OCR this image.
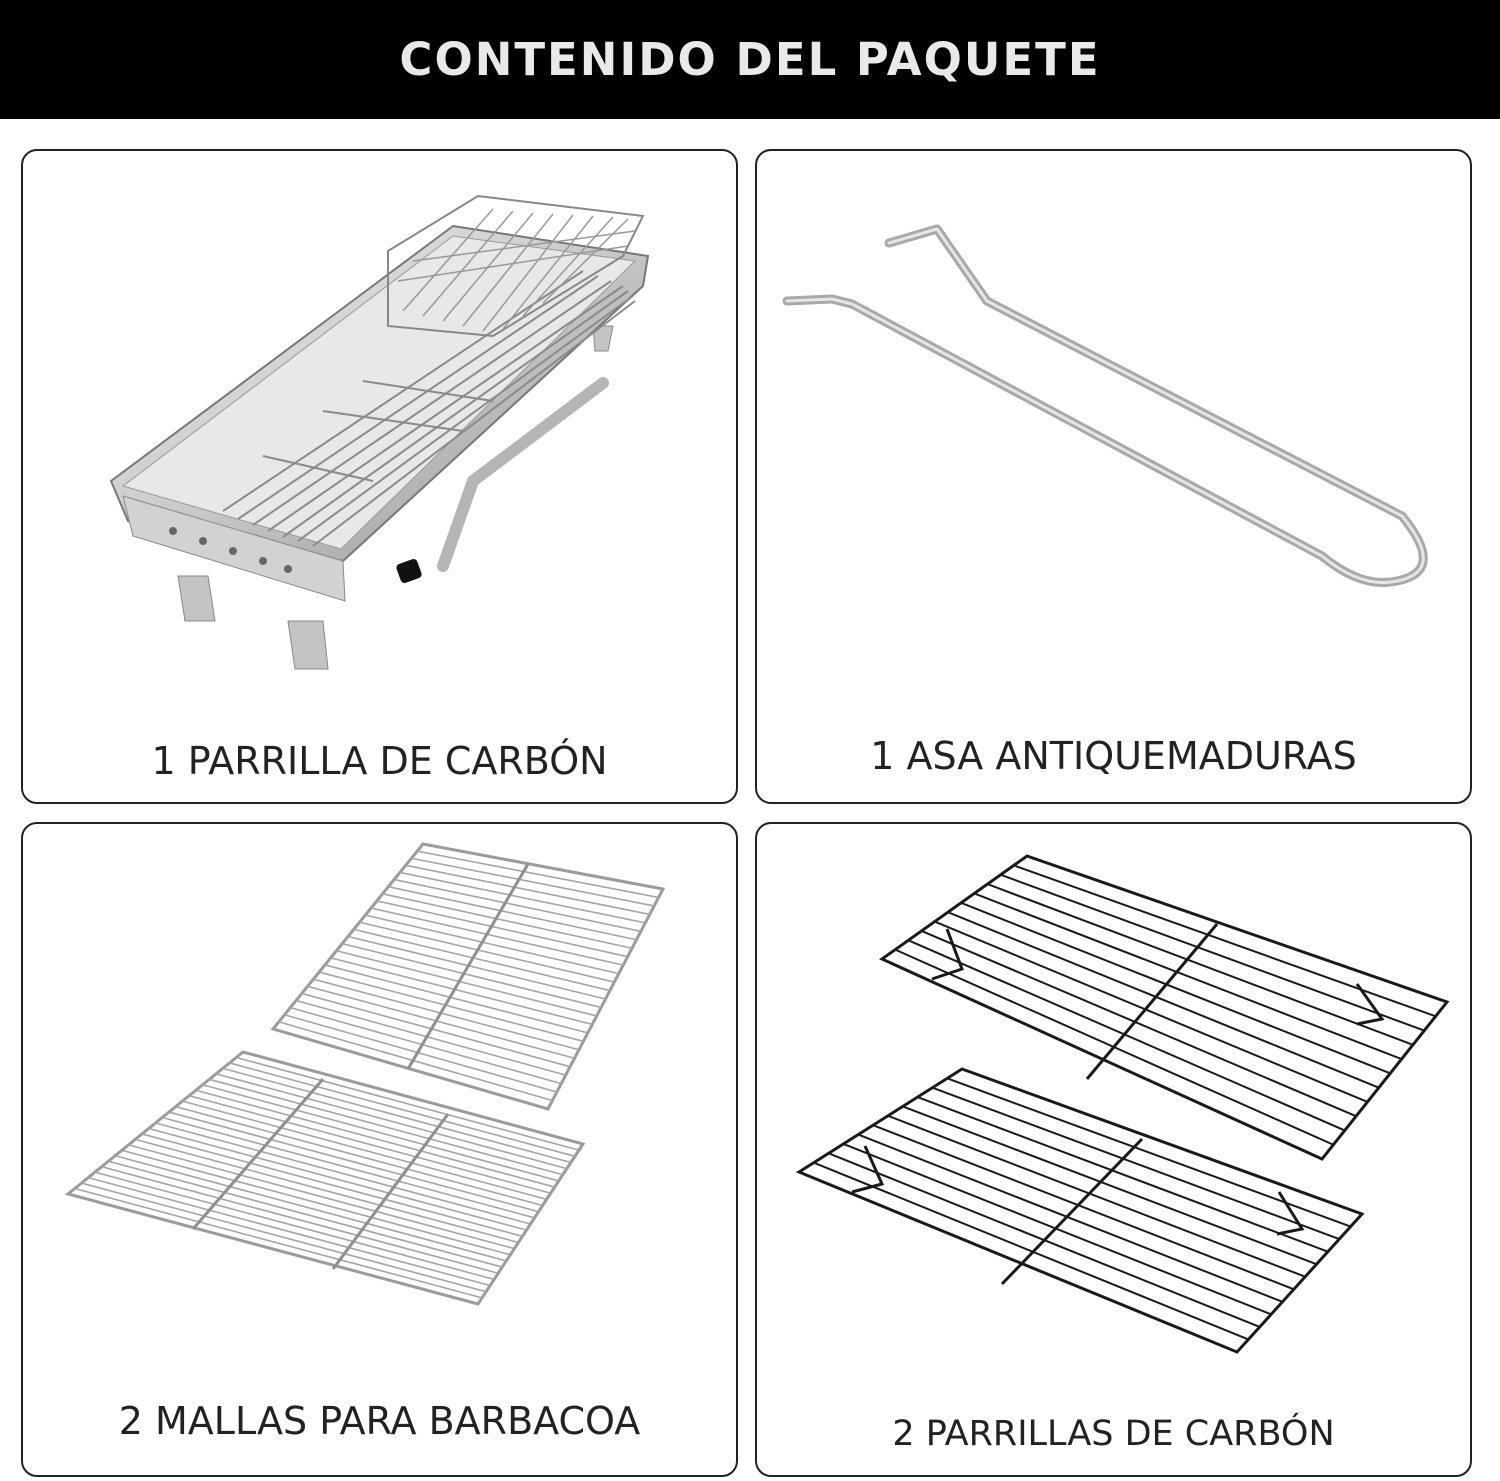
CONTENIDO DEL PAQUETE
1 PARRILLA DE CARBÓN	1 ASA ANTIQUEMADURAS
2 MALLAS PARA BARBACOA	2 PARRILLAS DE CARBÓN
